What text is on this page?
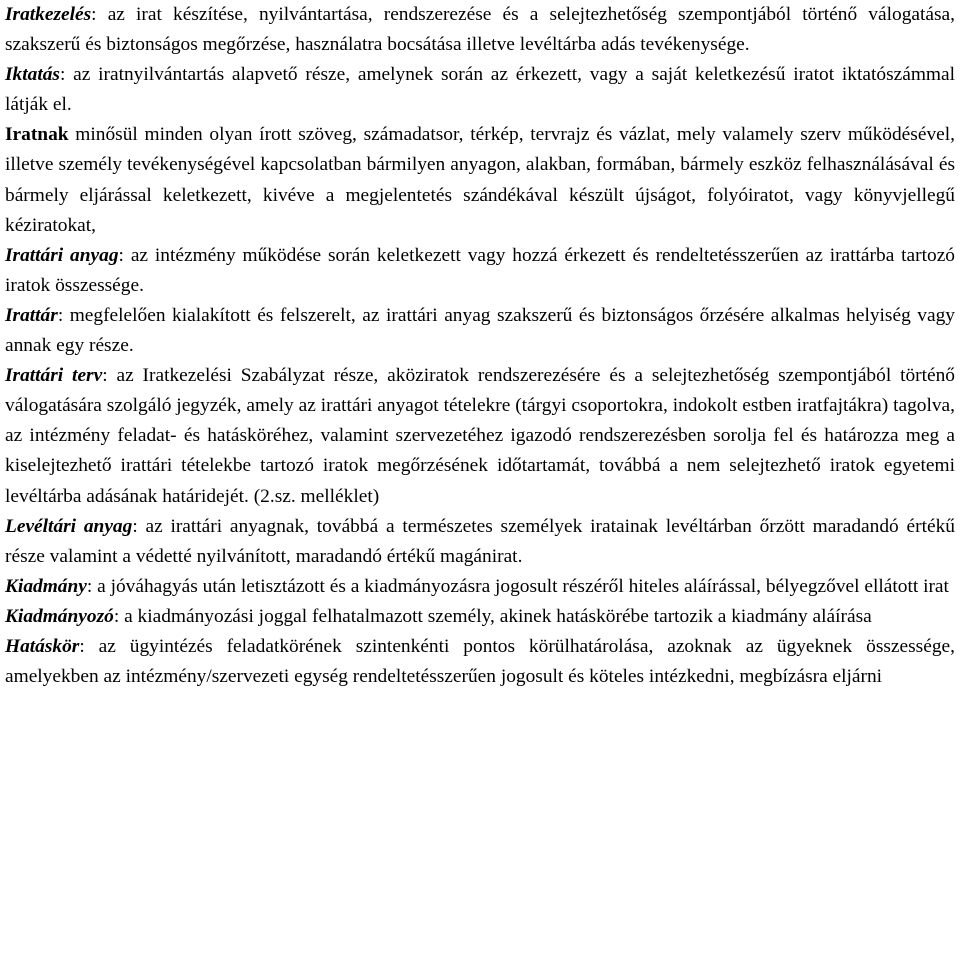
Iratkezelés: az irat készítése, nyilvántartása, rendszerezése és a selejtezhetőség szempontjából történő válogatása, szakszerű és biztonságos megőrzése, használatra bocsátása illetve levéltárba adás tevékenysége.

Iktatás: az iratnyilvántartás alapvető része, amelynek során az érkezett, vagy a saját keletkezésű iratot iktatószámmal látják el.

Iratnak minősül minden olyan írott szöveg, számadatsor, térkép, tervrajz és vázlat, mely valamely szerv működésével, illetve személy tevékenységével kapcsolatban bármilyen anyagon, alakban, formában, bármely eszköz felhasználásával és bármely eljárással keletkezett, kivéve a megjelentetés szándékával készült újságot, folyóiratot, vagy könyvjellegű kéziratokat,

Irattári anyag: az intézmény működése során keletkezett vagy hozzá érkezett és rendeltetésszerűen az irattárba tartozó iratok összessége.

Irattár: megfelelően kialakított és felszerelt, az irattári anyag szakszerű és biztonságos őrzésére alkalmas helyiség vagy annak egy része.

Irattári terv: az Iratkezelési Szabályzat része, aköziratok rendszerezésére és a selejtezhetőség szempontjából történő válogatására szolgáló jegyzék, amely az irattári anyagot tételekre (tárgyi csoportokra, indokolt estben iratfajtákra) tagolva, az intézmény feladat- és hatásköréhez, valamint szervezetéhez igazodó rendszerezésben sorolja fel és határozza meg a kiselejtezhető irattári tételekbe tartozó iratok megőrzésének időtartamát, továbbá a nem selejtezhető iratok egyetemi levéltárba adásának határidejét. (2.sz. melléklet)

Levéltári anyag: az irattári anyagnak, továbbá a természetes személyek iratainak levéltárban őrzött maradandó értékű része valamint a védetté nyilvánított, maradandó értékű magánirat.

Kiadmány: a jóváhagyás után letisztázott és a kiadmányozásra jogosult részéről hiteles aláírással, bélyegzővel ellátott irat

Kiadmányozó: a kiadmányozási joggal felhatalmazott személy, akinek hatáskörébe tartozik a kiadmány aláírása

Hatáskör: az ügyintézés feladatkörének szintenkénti pontos körülhatárolása, azoknak az ügyeknek összessége, amelyekben az intézmény/szervezeti egység rendeltetésszerűen jogosult és köteles intézkedni, megbízásra eljárni
